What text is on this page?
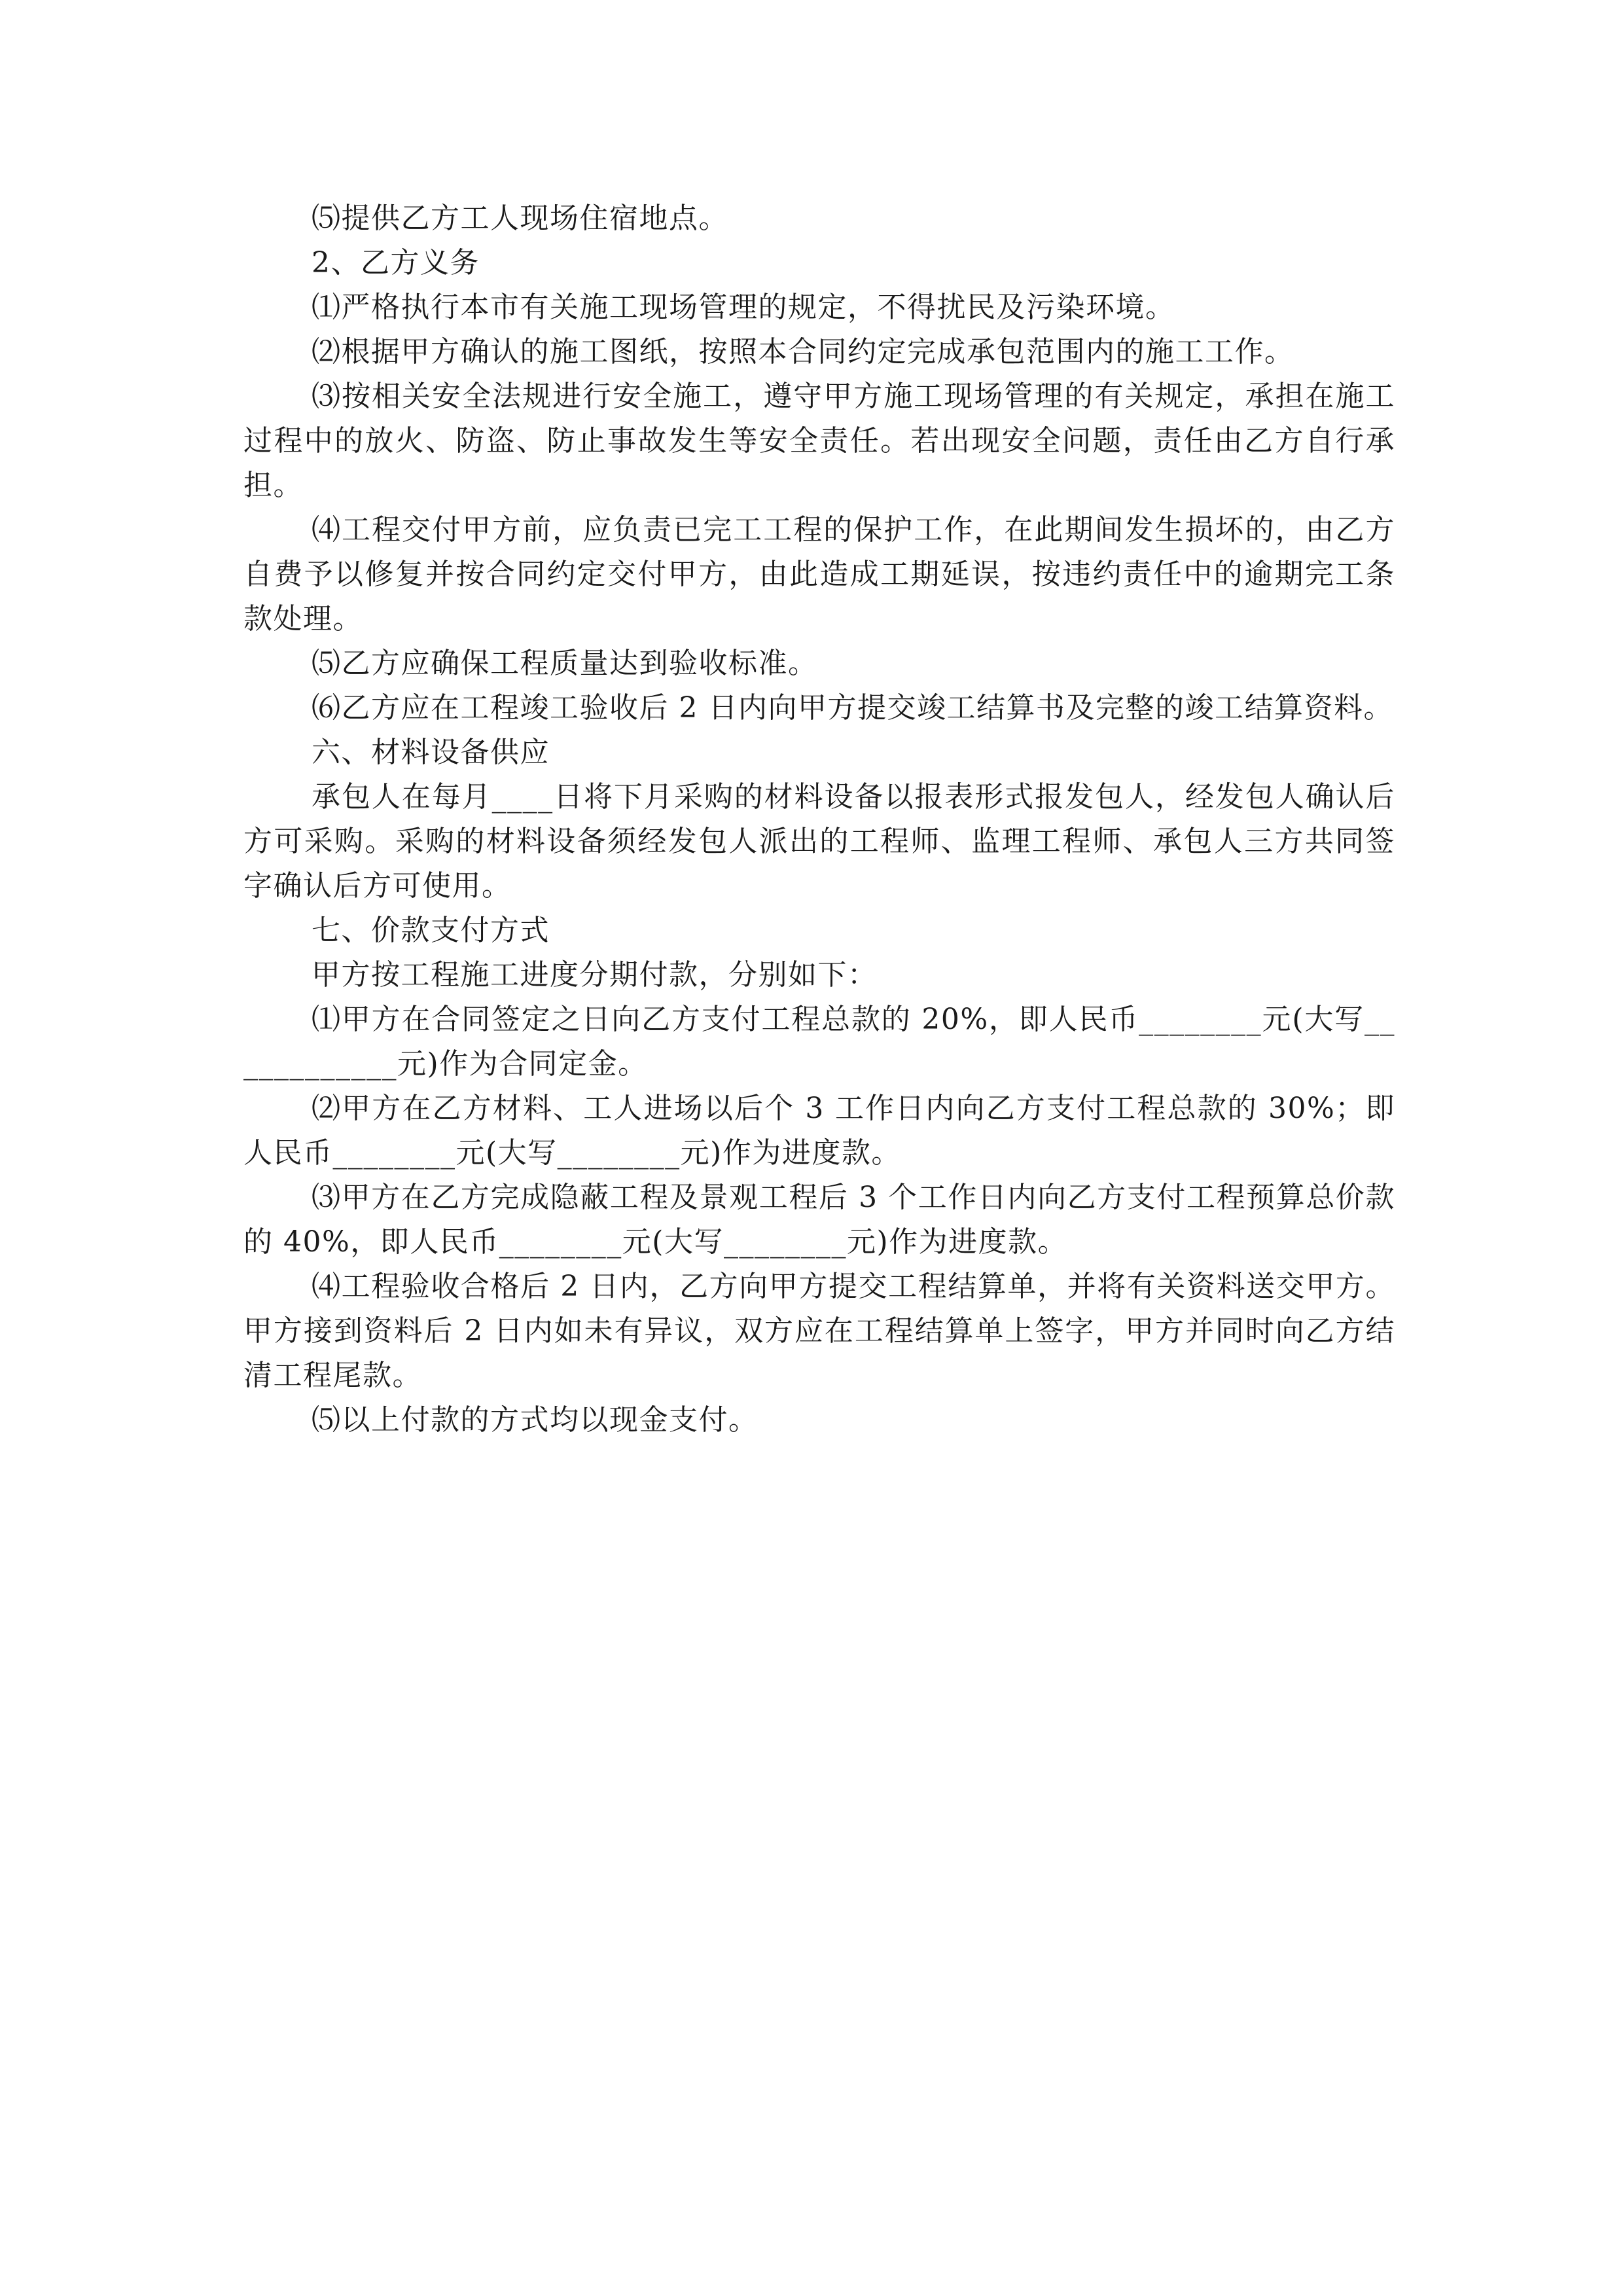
⑸提供乙方工人现场住宿地点。

2、乙方义务

⑴严格执行本市有关施工现场管理的规定，不得扰民及污染环境。

⑵根据甲方确认的施工图纸，按照本合同约定完成承包范围内的施工工作。

⑶按相关安全法规进行安全施工，遵守甲方施工现场管理的有关规定，承担在施工过程中的放火、防盗、防止事故发生等安全责任。若出现安全问题，责任由乙方自行承担。

⑷工程交付甲方前，应负责已完工工程的保护工作，在此期间发生损坏的，由乙方自费予以修复并按合同约定交付甲方，由此造成工期延误，按违约责任中的逾期完工条款处理。

⑸乙方应确保工程质量达到验收标准。

⑹乙方应在工程竣工验收后 2 日内向甲方提交竣工结算书及完整的竣工结算资料。

六、材料设备供应

承包人在每月____日将下月采购的材料设备以报表形式报发包人，经发包人确认后方可采购。采购的材料设备须经发包人派出的工程师、监理工程师、承包人三方共同签字确认后方可使用。

七、价款支付方式

甲方按工程施工进度分期付款，分别如下：

⑴甲方在合同签定之日向乙方支付工程总款的 20%，即人民币________元(大写____________元)作为合同定金。

⑵甲方在乙方材料、工人进场以后个 3 工作日内向乙方支付工程总款的 30%；即人民币________元(大写________元)作为进度款。

⑶甲方在乙方完成隐蔽工程及景观工程后 3 个工作日内向乙方支付工程预算总价款的 40%，即人民币________元(大写________元)作为进度款。

⑷工程验收合格后 2 日内，乙方向甲方提交工程结算单，并将有关资料送交甲方。甲方接到资料后 2 日内如未有异议，双方应在工程结算单上签字，甲方并同时向乙方结清工程尾款。

⑸以上付款的方式均以现金支付。
